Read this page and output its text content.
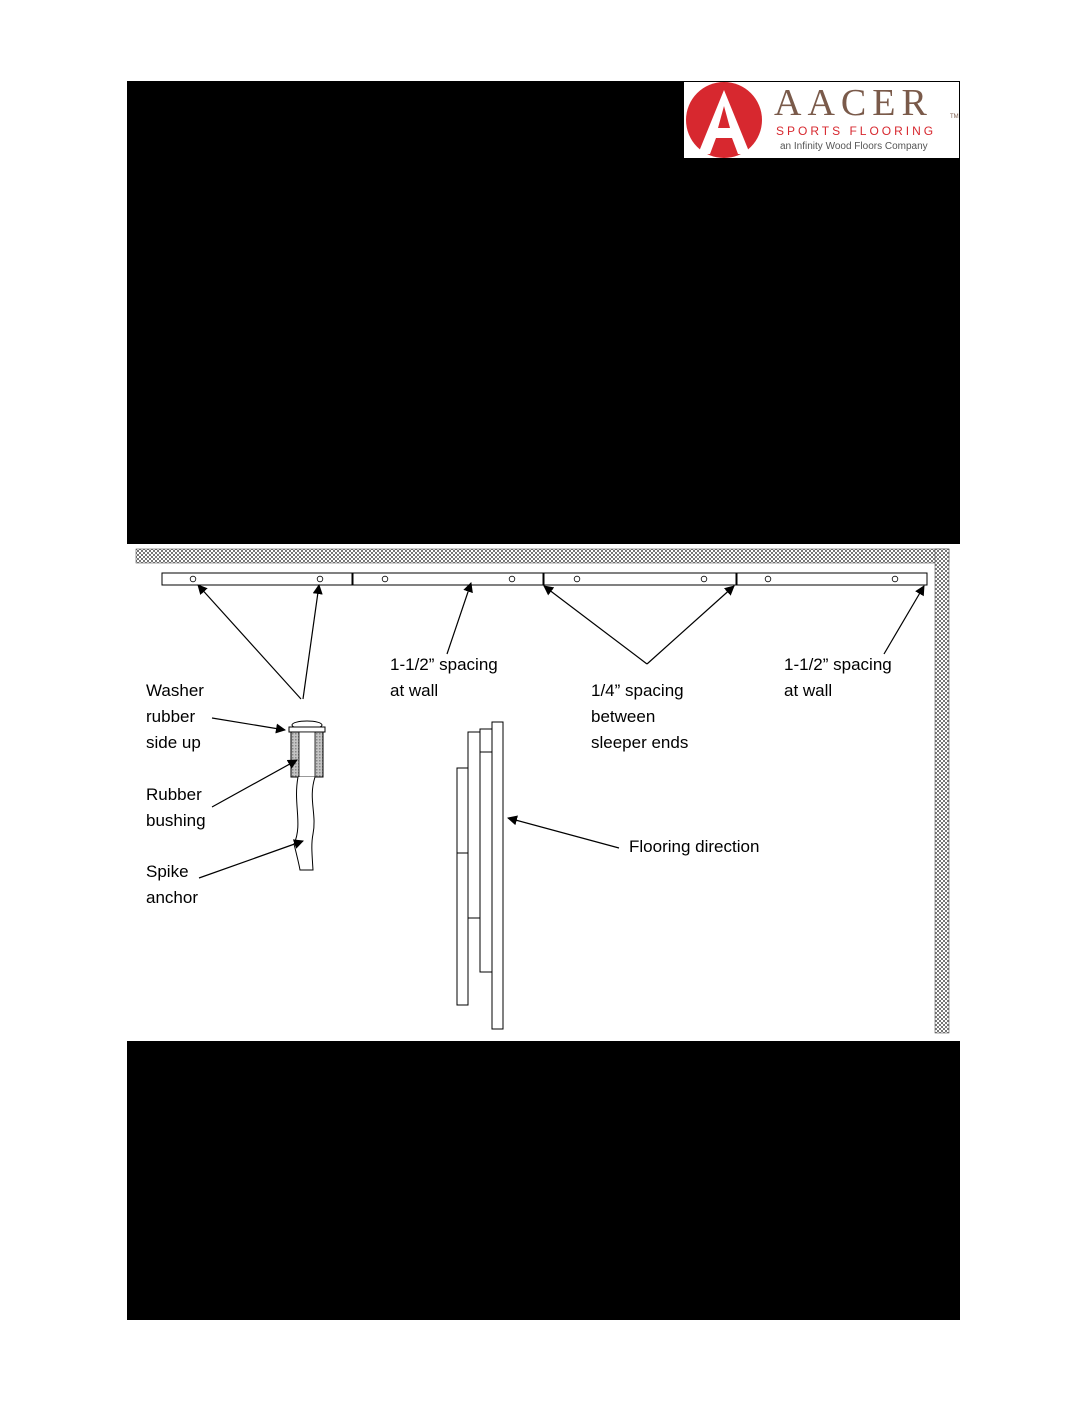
AACER	TM
SPORTS FLOORING
an Infinity Wood Floors Company
Washer
rubber
side up
Rubber
bushing
Spike
anchor
1-1/2” spacing
at wall	1/4” spacing
between
sleeper ends
1-1/2” spacing
at wall
Flooring direction
